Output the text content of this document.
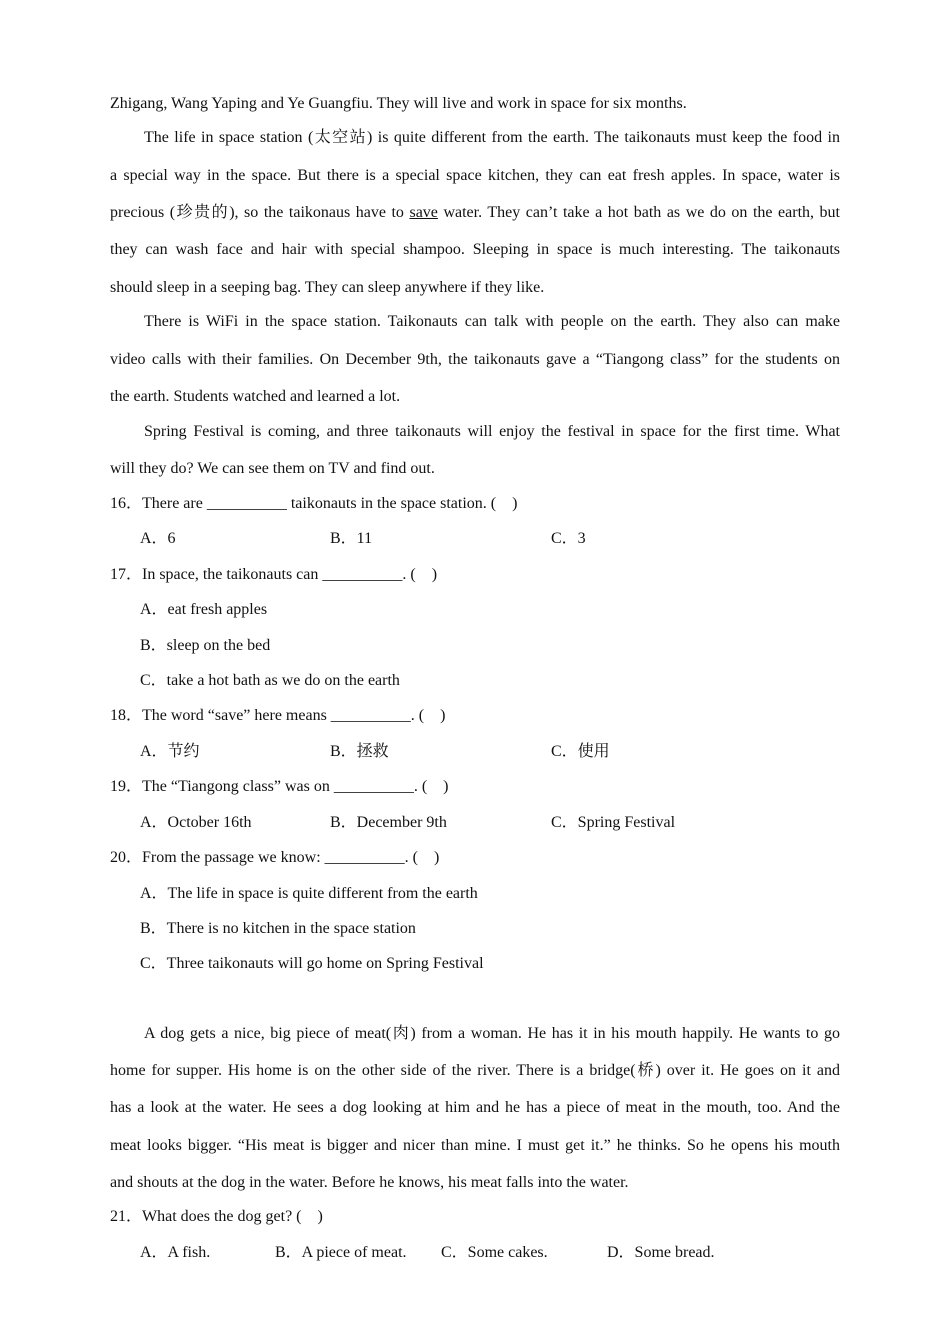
Zhigang, Wang Yaping and Ye Guangfiu. They will live and work in space for six months.
The life in space station (太空站) is quite different from the earth. The taikonauts must keep the food in
a special way in the space. But there is a special space kitchen, they can eat fresh apples. In space, water is
precious (珍贵的), so the taikonaus have to save water. They can’t take a hot bath as we do on the earth, but
they can wash face and hair with special shampoo. Sleeping in space is much interesting. The taikonauts
should sleep in a seeping bag. They can sleep anywhere if they like.
There is WiFi in the space station. Taikonauts can talk with people on the earth. They also can make
video calls with their families. On December 9th, the taikonauts gave a “Tiangong class” for the students on
the earth. Students watched and learned a lot.
Spring Festival is coming, and three taikonauts will enjoy the festival in space for the first time. What
will they do? We can see them on TV and find out.
16．There are __________ taikonauts in the space station. (　)
A．6	B．11	C．3
17．In space, the taikonauts can __________. (　)
A．eat fresh apples
B．sleep on the bed
C．take a hot bath as we do on the earth
18．The word “save” here means __________. (　)
A．节约	B．拯救	C．使用
19．The “Tiangong class” was on __________. (　)
A．October 16th	B．December 9th	C．Spring Festival
20．From the passage we know: __________. (　)
A．The life in space is quite different from the earth
B．There is no kitchen in the space station
C．Three taikonauts will go home on Spring Festival
A dog gets a nice, big piece of meat(肉) from a woman. He has it in his mouth happily. He wants to go
home for supper. His home is on the other side of the river. There is a bridge(桥) over it. He goes on it and
has a look at the water. He sees a dog looking at him and he has a piece of meat in the mouth, too. And the
meat looks bigger. “His meat is bigger and nicer than mine. I must get it.” he thinks. So he opens his mouth
and shouts at the dog in the water. Before he knows, his meat falls into the water.
21．What does the dog get? (　)
A．A fish.	B．A piece of meat. C．Some cakes.	D．Some bread.
